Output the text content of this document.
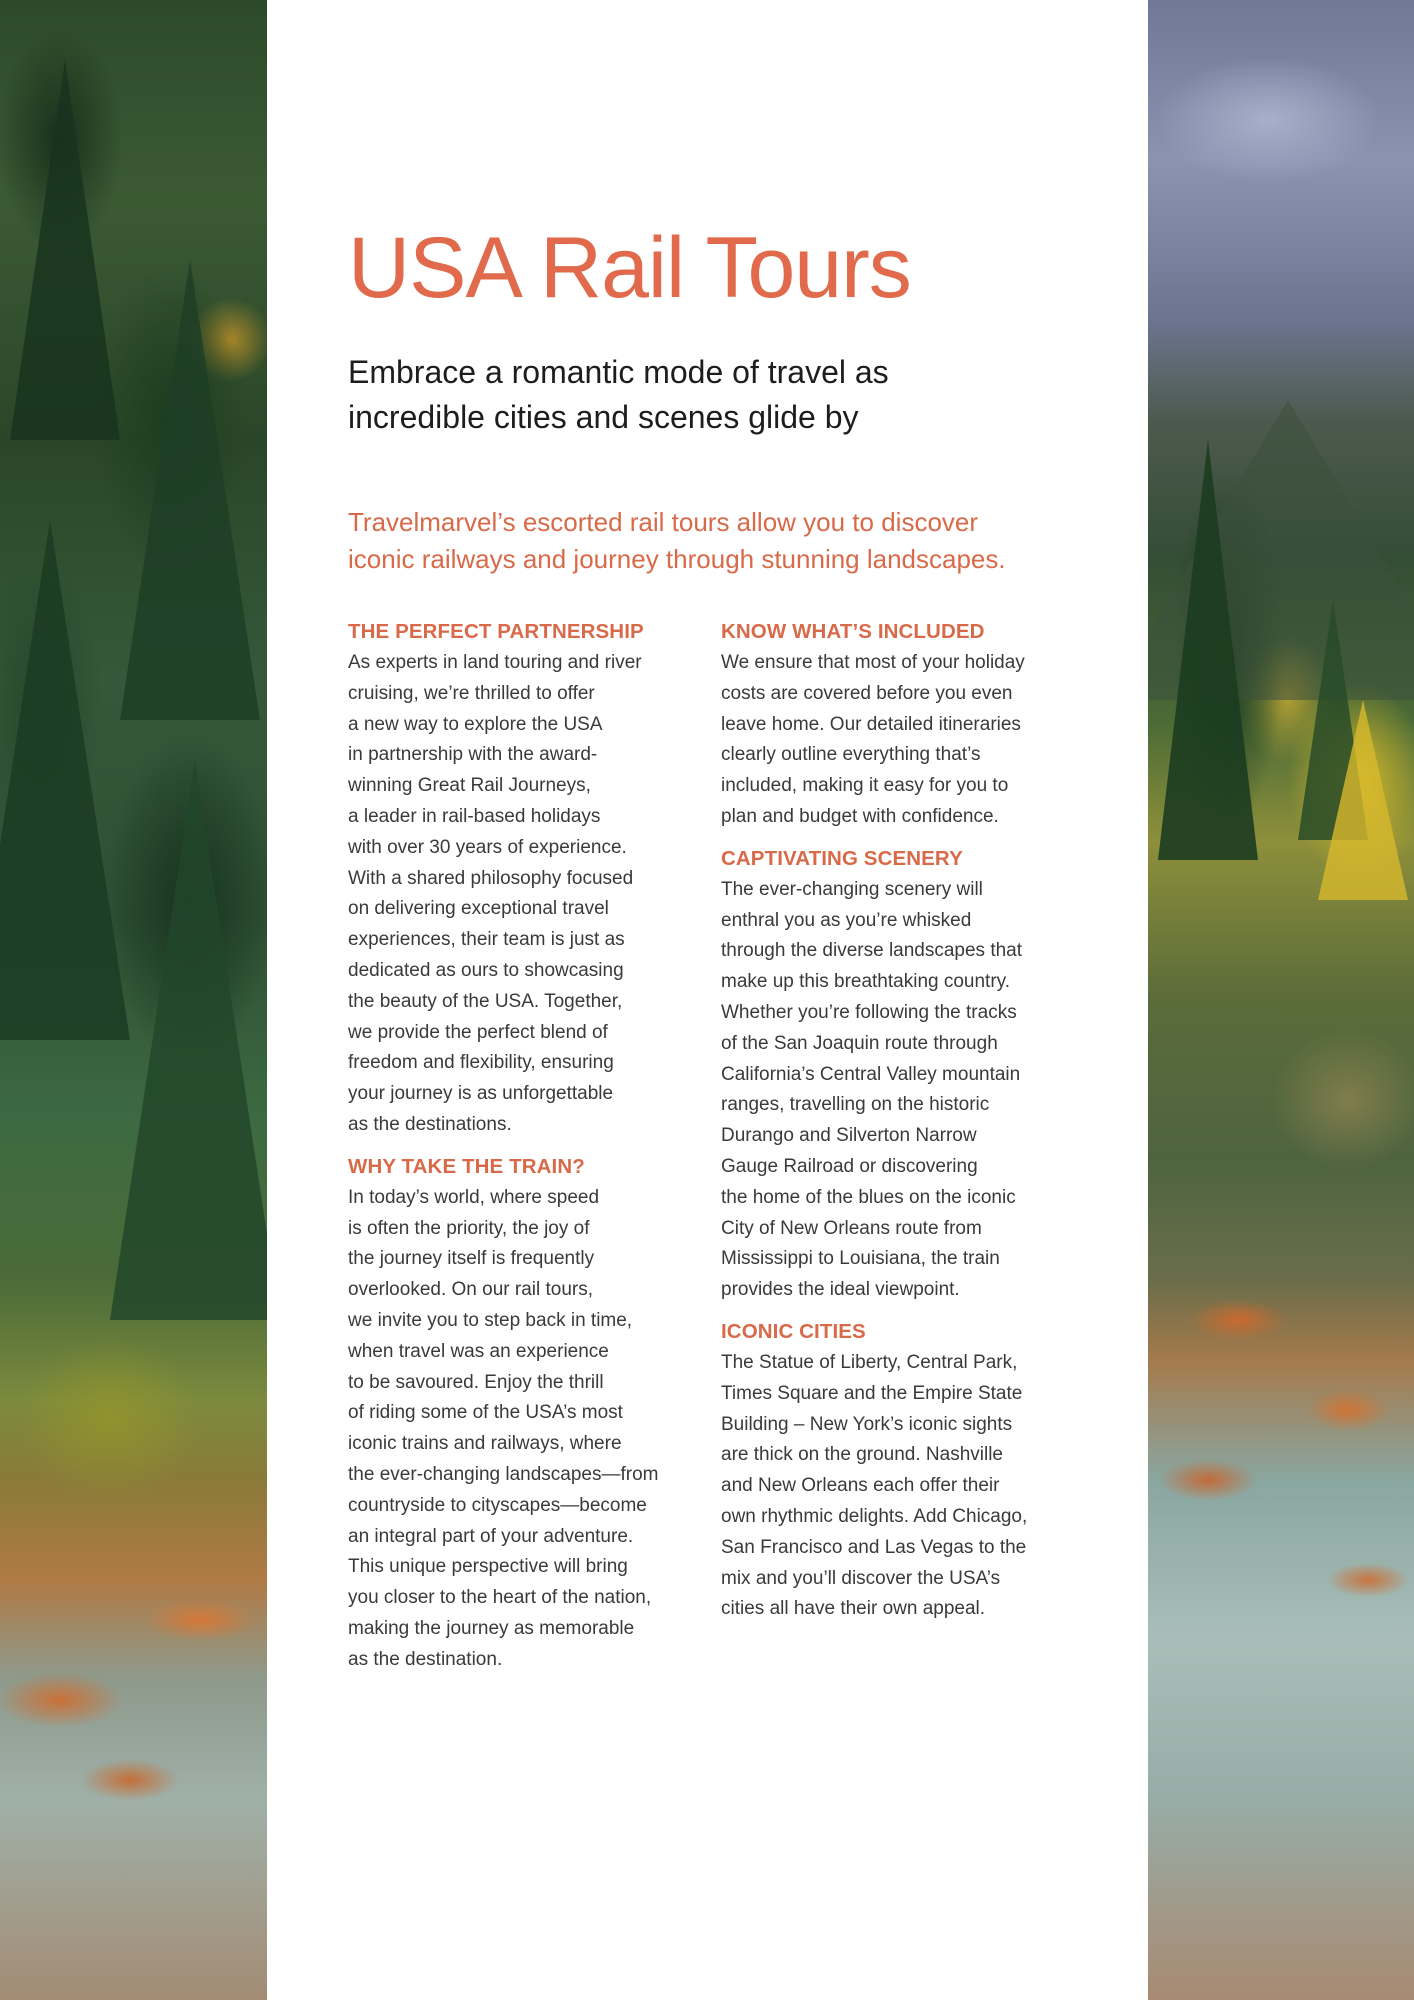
USA Rail Tours
Embrace a romantic mode of travel as
incredible cities and scenes glide by

Travelmarvel’s escorted rail tours allow you to discover
iconic railways and journey through stunning landscapes.

THE PERFECT PARTNERSHIP

As experts in land touring and river
cruising, we’re thrilled to offer
a new way to explore the USA
in partnership with the award-
winning Great Rail Journeys,
a leader in rail-based holidays
with over 30 years of experience.
With a shared philosophy focused
on delivering exceptional travel
experiences, their team is just as
dedicated as ours to showcasing
the beauty of the USA. Together,
we provide the perfect blend of
freedom and flexibility, ensuring
your journey is as unforgettable
as the destinations.

WHY TAKE THE TRAIN?

In today’s world, where speed
is often the priority, the joy of
the journey itself is frequently
overlooked. On our rail tours,
we invite you to step back in time,
when travel was an experience
to be savoured. Enjoy the thrill
of riding some of the USA’s most
iconic trains and railways, where
the ever-changing landscapes—from
countryside to cityscapes—become
an integral part of your adventure.
This unique perspective will bring
you closer to the heart of the nation,
making the journey as memorable
as the destination.

KNOW WHAT’S INCLUDED

We ensure that most of your holiday
costs are covered before you even
leave home. Our detailed itineraries
clearly outline everything that’s
included, making it easy for you to
plan and budget with confidence.

CAPTIVATING SCENERY

The ever-changing scenery will
enthral you as you’re whisked
through the diverse landscapes that
make up this breathtaking country.
Whether you’re following the tracks
of the San Joaquin route through
California’s Central Valley mountain
ranges, travelling on the historic
Durango and Silverton Narrow
Gauge Railroad or discovering
the home of the blues on the iconic
City of New Orleans route from
Mississippi to Louisiana, the train
provides the ideal viewpoint.

ICONIC CITIES

The Statue of Liberty, Central Park,
Times Square and the Empire State
Building – New York’s iconic sights
are thick on the ground. Nashville
and New Orleans each offer their
own rhythmic delights. Add Chicago,
San Francisco and Las Vegas to the
mix and you’ll discover the USA’s
cities all have their own appeal.
